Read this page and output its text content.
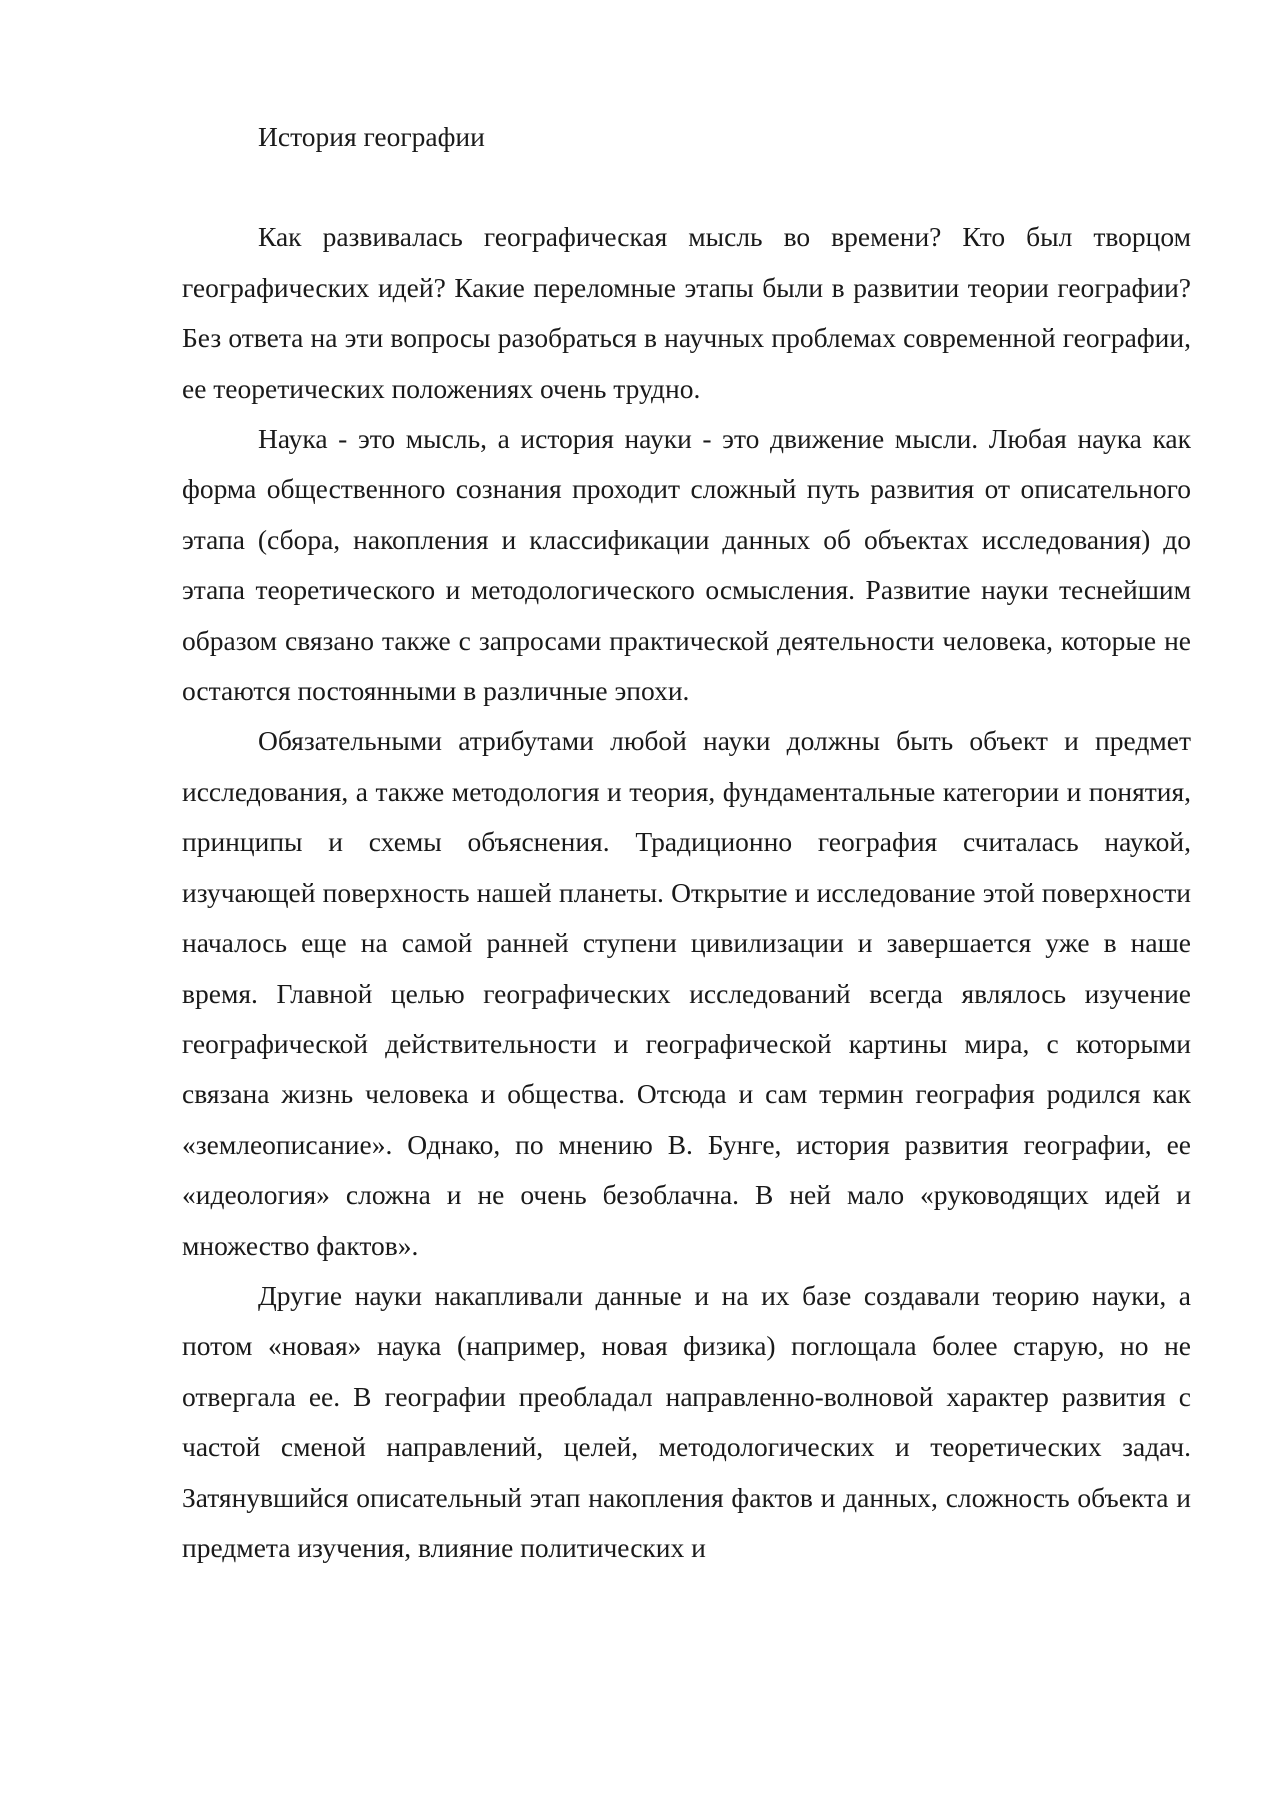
История географии

Как развивалась географическая мысль во времени? Кто был творцом географических идей? Какие переломные этапы были в развитии теории географии? Без ответа на эти вопросы разобраться в научных проблемах современной географии, ее теоретических положениях очень трудно.

Наука - это мысль, а история науки - это движение мысли. Любая наука как форма общественного сознания проходит сложный путь развития от описательного этапа (сбора, накопления и классификации данных об объектах исследования) до этапа теоретического и методологического осмысления. Развитие науки теснейшим образом связано также с запросами практической деятельности человека, которые не остаются постоянными в различные эпохи.

Обязательными атрибутами любой науки должны быть объект и предмет исследования, а также методология и теория, фундаментальные категории и понятия, принципы и схемы объяснения. Традиционно география считалась наукой, изучающей поверхность нашей планеты. Открытие и исследование этой поверхности началось еще на самой ранней ступени цивилизации и завершается уже в наше время. Главной целью географических исследований всегда являлось изучение географической действительности и географической картины мира, с которыми связана жизнь человека и общества. Отсюда и сам термин география родился как «землеописание». Однако, по мнению В. Бунге, история развития географии, ее «идеология» сложна и не очень безоблачна. В ней мало «руководящих идей и множество фактов».

Другие науки накапливали данные и на их базе создавали теорию науки, а потом «новая» наука (например, новая физика) поглощала более старую, но не отвергала ее. В географии преобладал направленно-волновой характер развития с частой сменой направлений, целей, методологических и теоретических задач. Затянувшийся описательный этап накопления фактов и данных, сложность объекта и предмета изучения, влияние политических и
